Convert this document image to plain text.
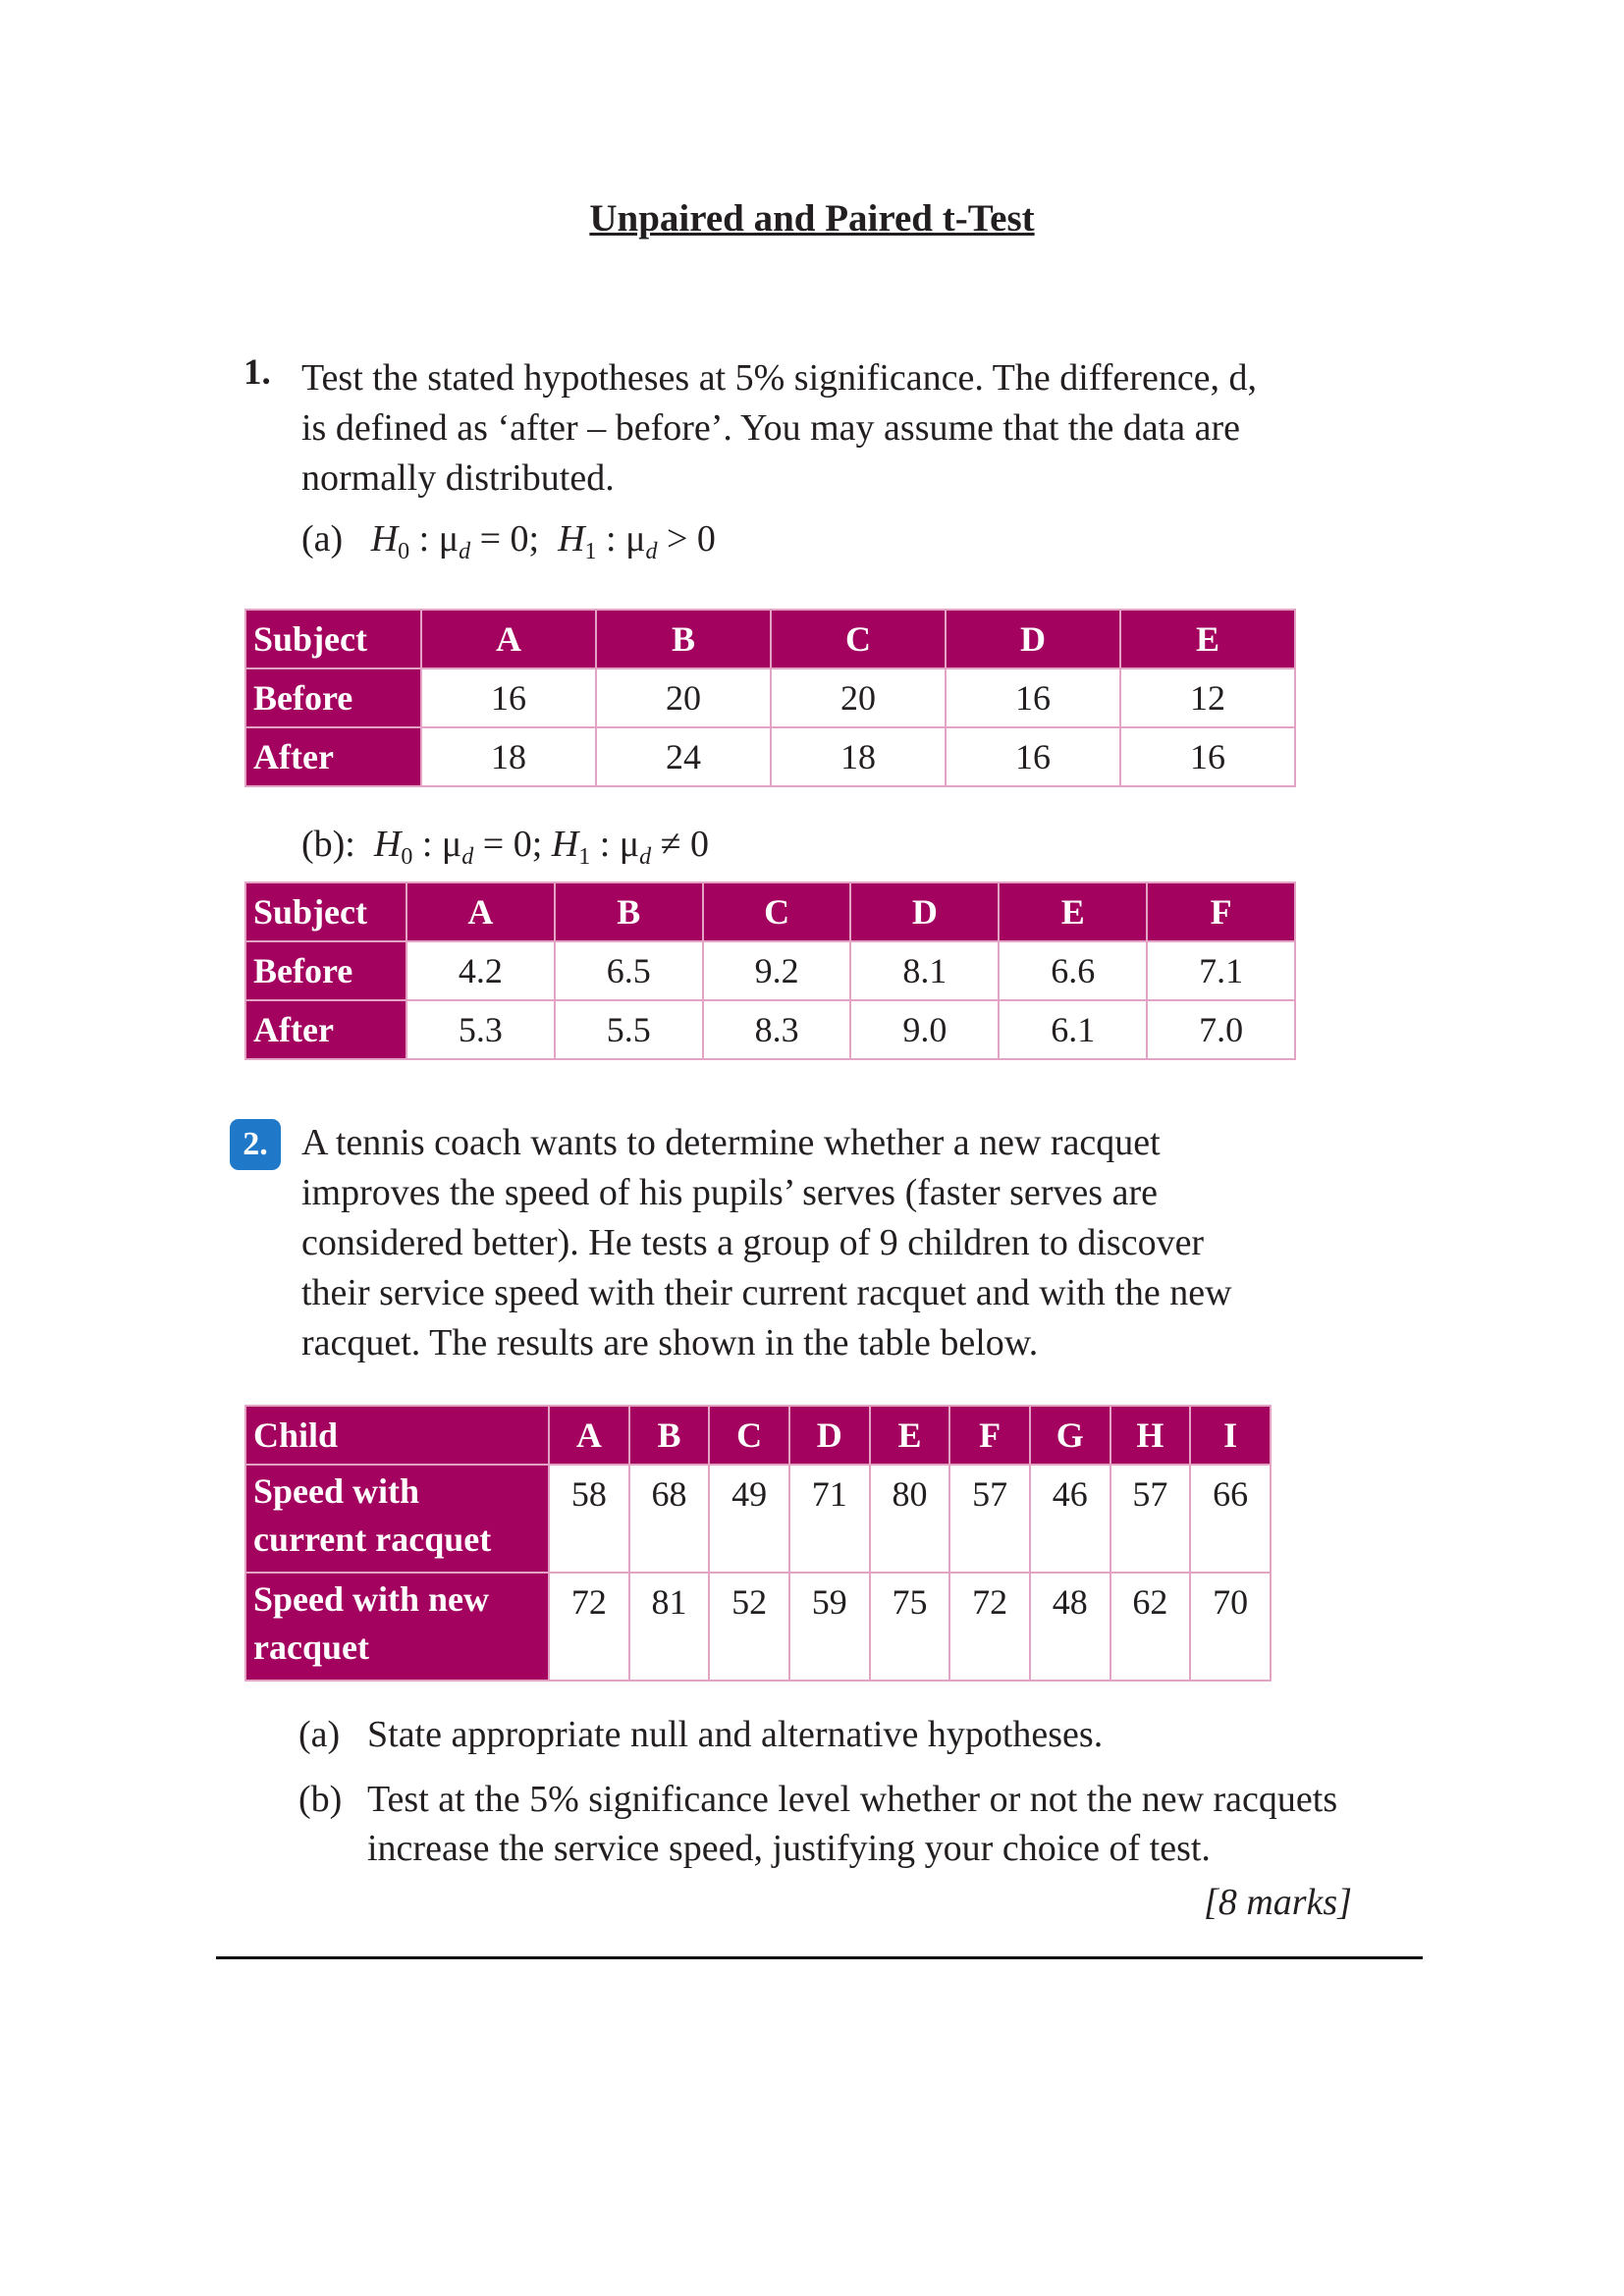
Unpaired and Paired t-Test
1. Test the stated hypotheses at 5% significance. The difference, d,
is defined as ‘after – before’. You may assume that the data are
normally distributed.
(a) $H_0$ : $\mu_d = 0$;  $H_1$ : $\mu_d > 0$
Subject	A	B	C	D	E
Before	16	20	20	16	12
After	18	24	18	16	16
(b): $H_0$ : $\mu_d = 0$; $H_1$ : $\mu_d \ne 0$
Subject	A	B	C	D	E	F
Before	4.2	6.5	9.2	8.1	6.6	7.1
After	5.3	5.5	8.3	9.0	6.1	7.0
2. A tennis coach wants to determine whether a new racquet
improves the speed of his pupils’ serves (faster serves are
considered better). He tests a group of 9 children to discover
their service speed with their current racquet and with the new
racquet. The results are shown in the table below.
Child	A	B	C	D	E	F	G	H	I
Speed with
current racquet	58	68	49	71	80	57	46	57	66
Speed with new
racquet	72	81	52	59	75	72	48	62	70
(a) State appropriate null and alternative hypotheses.
(b) Test at the 5% significance level whether or not the new racquets
increase the service speed, justifying your choice of test.
[8 marks]
